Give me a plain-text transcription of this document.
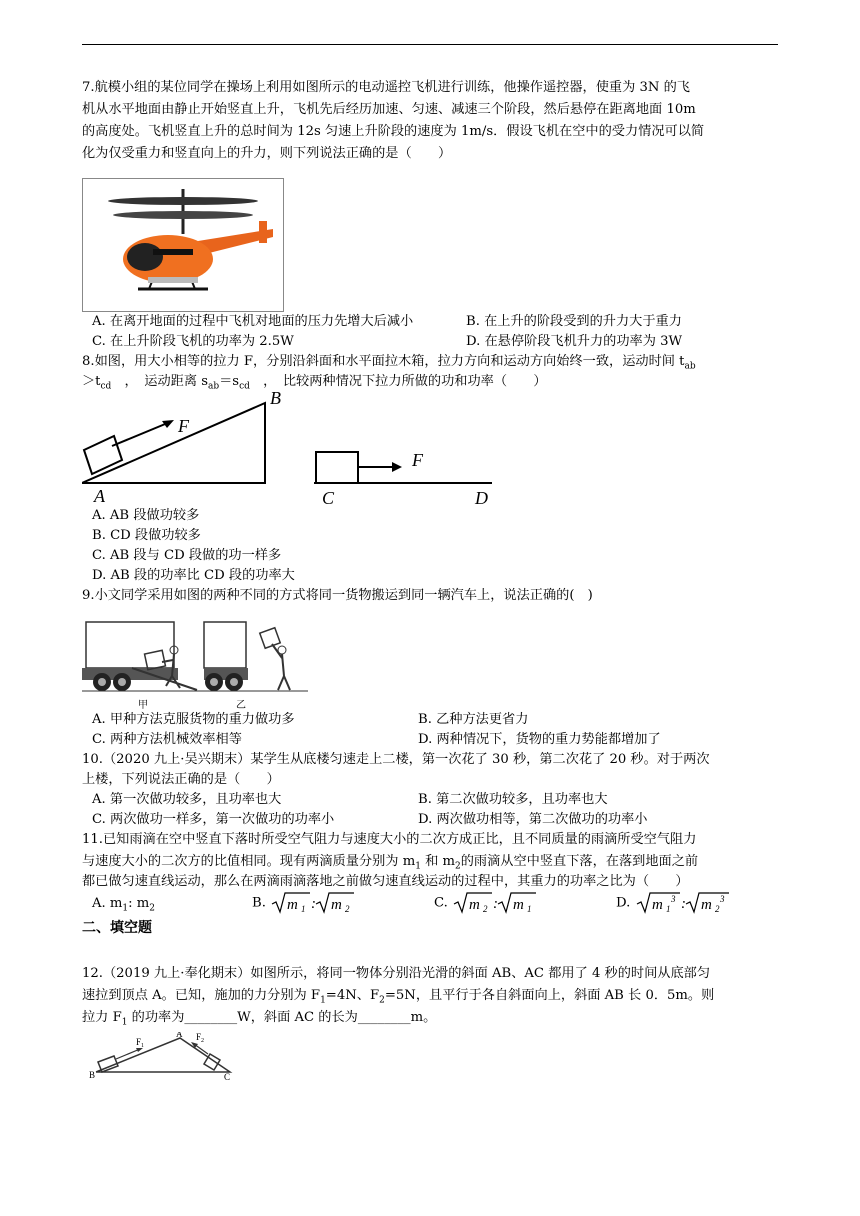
7.航模小组的某位同学在操场上利用如图所示的电动遥控飞机进行训练，他操作遥控器，使重为 3N 的飞
机从水平地面由静止开始竖直上升，飞机先后经历加速、匀速、减速三个阶段，然后悬停在距离地面 10m
的高度处。飞机竖直上升的总时间为 12s 匀速上升阶段的速度为 1m/s．假设飞机在空中的受力情况可以简
化为仅受重力和竖直向上的升力，则下列说法正确的是（　　）
A. 在离开地面的过程中飞机对地面的压力先增大后减小	B. 在上升的阶段受到的升力大于重力
C. 在上升阶段飞机的功率为 2.5W	D. 在悬停阶段飞机升力的功率为 3W
8.如图，用大小相等的拉力 F，分别沿斜面和水平面拉木箱，拉力方向和运动方向始终一致，运动时间 $t_{ab}$
$>t_{cd}$　，　运动距离 $s_{ab}=s_{cd}$　，　比较两种情况下拉力所做的功和功率（　　）
A
B
F
F
C	D
A. AB 段做功较多
B. CD 段做功较多
C. AB 段与 CD 段做的功一样多
D. AB 段的功率比 CD 段的功率大
9.小文同学采用如图的两种不同的方式将同一货物搬运到同一辆汽车上，说法正确的(　)
甲	乙
A. 甲种方法克服货物的重力做功多	B. 乙种方法更省力
C. 两种方法机械效率相等	D. 两种情况下，货物的重力势能都增加了
10.（2020 九上·吴兴期末）某学生从底楼匀速走上二楼，第一次花了 30 秒，第二次花了 20 秒。对于两次
上楼，下列说法正确的是（　　）
A. 第一次做功较多，且功率也大	B. 第二次做功较多，且功率也大
C. 两次做功一样多，第一次做功的功率小	D. 两次做功相等，第二次做功的功率小
11.已知雨滴在空中竖直下落时所受空气阻力与速度大小的二次方成正比，且不同质量的雨滴所受空气阻力
与速度大小的二次方的比值相同。现有两滴质量分别为 $m_1$ 和 $m_2$的雨滴从空中竖直下落，在落到地面之前
都已做匀速直线运动，那么在两滴雨滴落地之前做匀速直线运动的过程中，其重力的功率之比为（　　）
A. $m_1$: $m_2$	B. m 1 : m 2	C. m 2 : m 1	D. m 1
3 : m 2
3
二、填空题
12.（2019 九上·奉化期末）如图所示，将同一物体分别沿光滑的斜面 AB、AC 都用了 4 秒的时间从底部匀
速拉到顶点 A。已知，施加的力分别为 $F_1=4N$、$F_2=5N$，且平行于各自斜面向上，斜面 AB 长 0．5m。则
拉力 $F_1$ 的功率为________W，斜面 AC 的长为________m。
F 1
F 2
A
B	C
